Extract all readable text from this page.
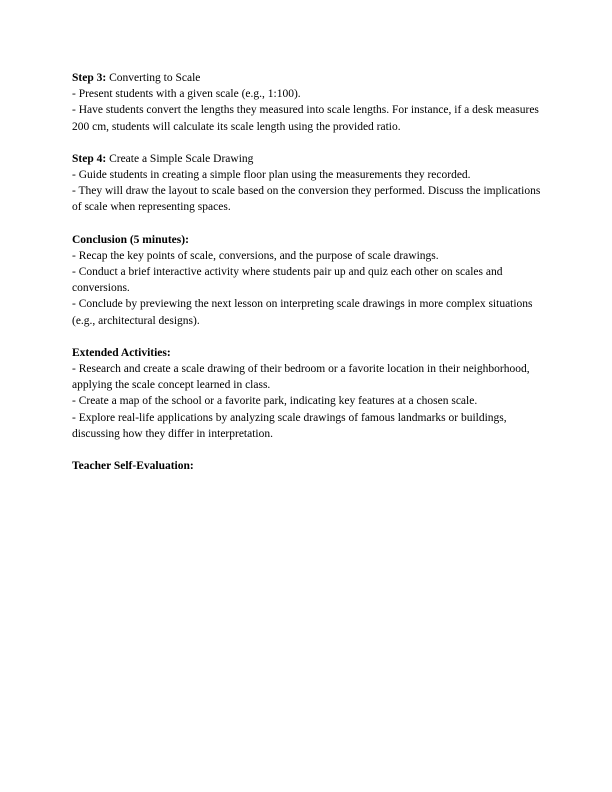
Step 3: Converting to Scale
- Present students with a given scale (e.g., 1:100).
- Have students convert the lengths they measured into scale lengths. For instance, if a desk measures 200 cm, students will calculate its scale length using the provided ratio.
Step 4: Create a Simple Scale Drawing
- Guide students in creating a simple floor plan using the measurements they recorded.
- They will draw the layout to scale based on the conversion they performed. Discuss the implications of scale when representing spaces.
Conclusion (5 minutes):
- Recap the key points of scale, conversions, and the purpose of scale drawings.
- Conduct a brief interactive activity where students pair up and quiz each other on scales and conversions.
- Conclude by previewing the next lesson on interpreting scale drawings in more complex situations (e.g., architectural designs).
Extended Activities:
- Research and create a scale drawing of their bedroom or a favorite location in their neighborhood, applying the scale concept learned in class.
- Create a map of the school or a favorite park, indicating key features at a chosen scale.
- Explore real-life applications by analyzing scale drawings of famous landmarks or buildings, discussing how they differ in interpretation.
Teacher Self-Evaluation:
